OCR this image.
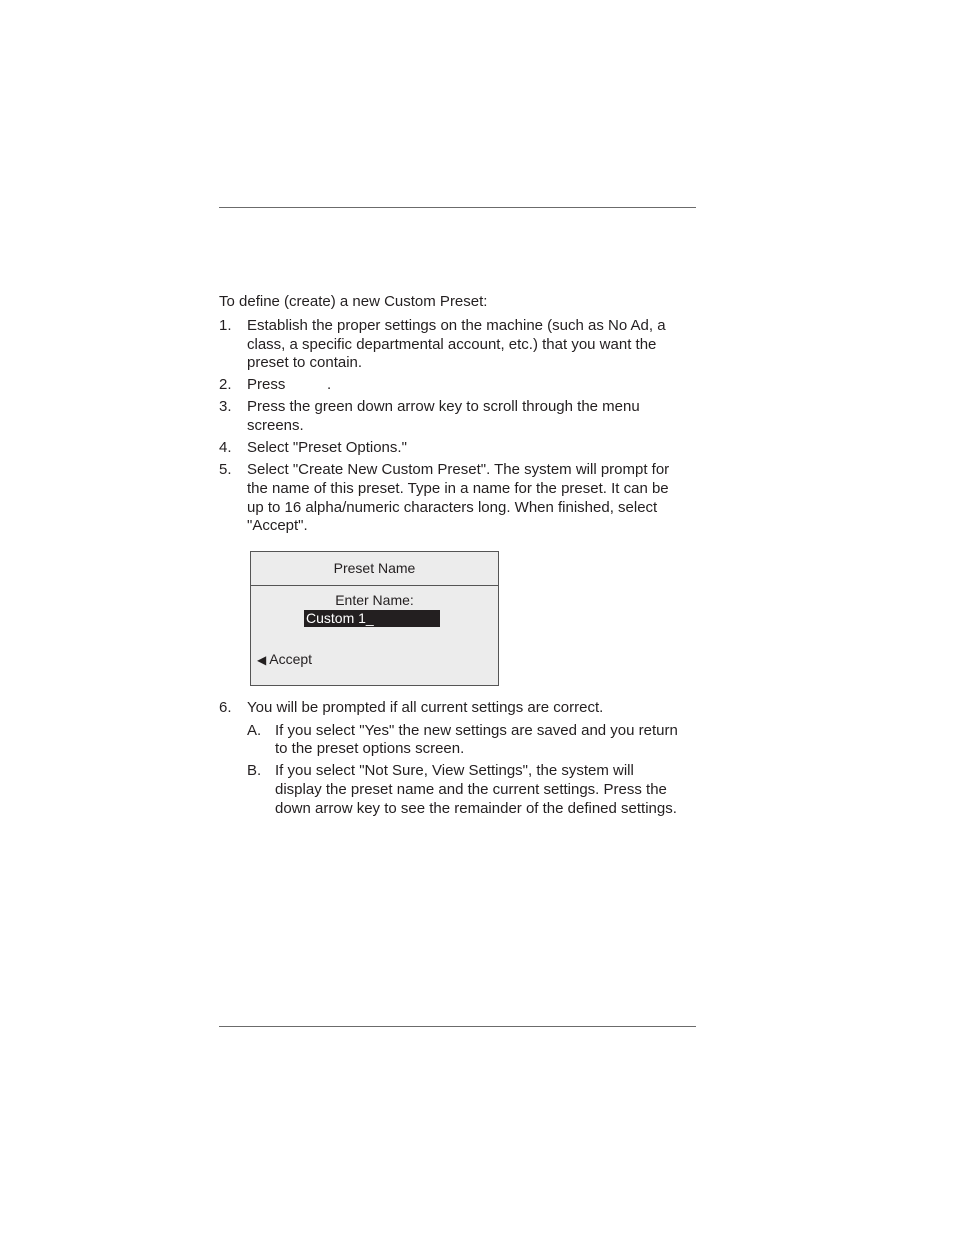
To define (create) a new Custom Preset:
1. Establish the proper settings on the machine (such as No Ad, a
class, a specific departmental account, etc.) that you want the
preset to contain.
2. Press          .
3. Press the green down arrow key to scroll through the menu
screens.
4. Select "Preset Options."
5. Select "Create New Custom Preset". The system will prompt for
the name of this preset. Type in a name for the preset. It can be
up to 16 alpha/numeric characters long. When finished, select
"Accept".
Preset Name
Enter Name:
Custom 1_
◀ Accept
6. You will be prompted if all current settings are correct.
A. If you select "Yes" the new settings are saved and you return
to the preset options screen.
B. If you select "Not Sure, View Settings", the system will
display the preset name and the current settings. Press the
down arrow key to see the remainder of the defined settings.
